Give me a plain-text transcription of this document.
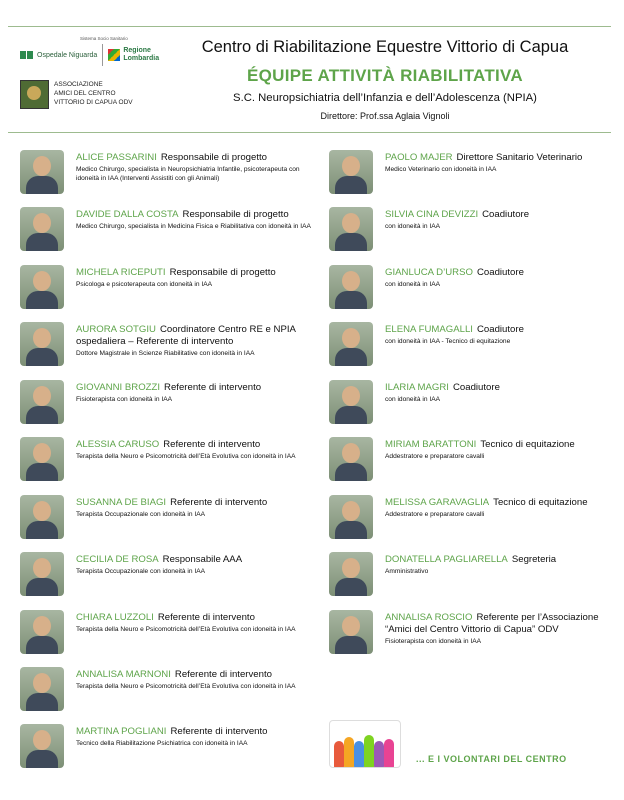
Ospedale Niguarda
Regione
Lombardia
Sistema Socio Sanitario
ASSOCIAZIONE
AMICI DEL CENTRO
VITTORIO DI CAPUA ODV
Centro di Riabilitazione Equestre Vittorio di Capua
ÉQUIPE ATTIVITÀ RIABILITATIVA
S.C. Neuropsichiatria dell’Infanzia e dell’Adolescenza (NPIA)
Direttore: Prof.ssa Aglaia Vignoli
ALICE PASSARINI Responsabile di progetto
Medico Chirurgo, specialista in Neuropsichiatria Infantile, psicoterapeuta con idoneità in IAA (Interventi Assistiti con gli Animali)
DAVIDE DALLA COSTA Responsabile di progetto
Medico Chirurgo, specialista in Medicina Fisica e Riabilitativa con idoneità in IAA
MICHELA RICEPUTI Responsabile di progetto
Psicologa e psicoterapeuta con idoneità in IAA
AURORA SOTGIU Coordinatore Centro RE e NPIA ospedaliera – Referente di intervento
Dottore Magistrale in Scienze Riabilitative con idoneità in IAA
GIOVANNI BROZZI Referente di intervento
Fisioterapista con idoneità in IAA
ALESSIA CARUSO Referente di intervento
Terapista della Neuro e Psicomotricità dell’Età Evolutiva con idoneità in IAA
SUSANNA DE BIAGI Referente di intervento
Terapista Occupazionale con idoneità in IAA
CECILIA DE ROSA Responsabile AAA
Terapista Occupazionale con idoneità in IAA
CHIARA LUZZOLI Referente di intervento
Terapista della Neuro e Psicomotricità dell’Età Evolutiva con idoneità in IAA
ANNALISA MARNONI Referente di intervento
Terapista della Neuro e Psicomotricità dell’Età Evolutiva con idoneità in IAA
MARTINA POGLIANI Referente di intervento
Tecnico della Riabilitazione Psichiatrica con idoneità in IAA
PAOLO MAJER Direttore Sanitario Veterinario
Medico Veterinario con idoneità in IAA
SILVIA CINA DEVIZZI Coadiutore
con idoneità in IAA
GIANLUCA D’URSO Coadiutore
con idoneità in IAA
ELENA FUMAGALLI Coadiutore
con idoneità in IAA - Tecnico di equitazione
ILARIA MAGRI Coadiutore
con idoneità in IAA
MIRIAM BARATTONI Tecnico di equitazione
Addestratore e preparatore cavalli
MELISSA GARAVAGLIA Tecnico di equitazione
Addestratore e preparatore cavalli
DONATELLA PAGLIARELLA Segreteria
Amministrativo
ANNALISA ROSCIO Referente per l’Associazione “Amici del Centro Vittorio di Capua” ODV
Fisioterapista con idoneità in IAA
... E I VOLONTARI DEL CENTRO
